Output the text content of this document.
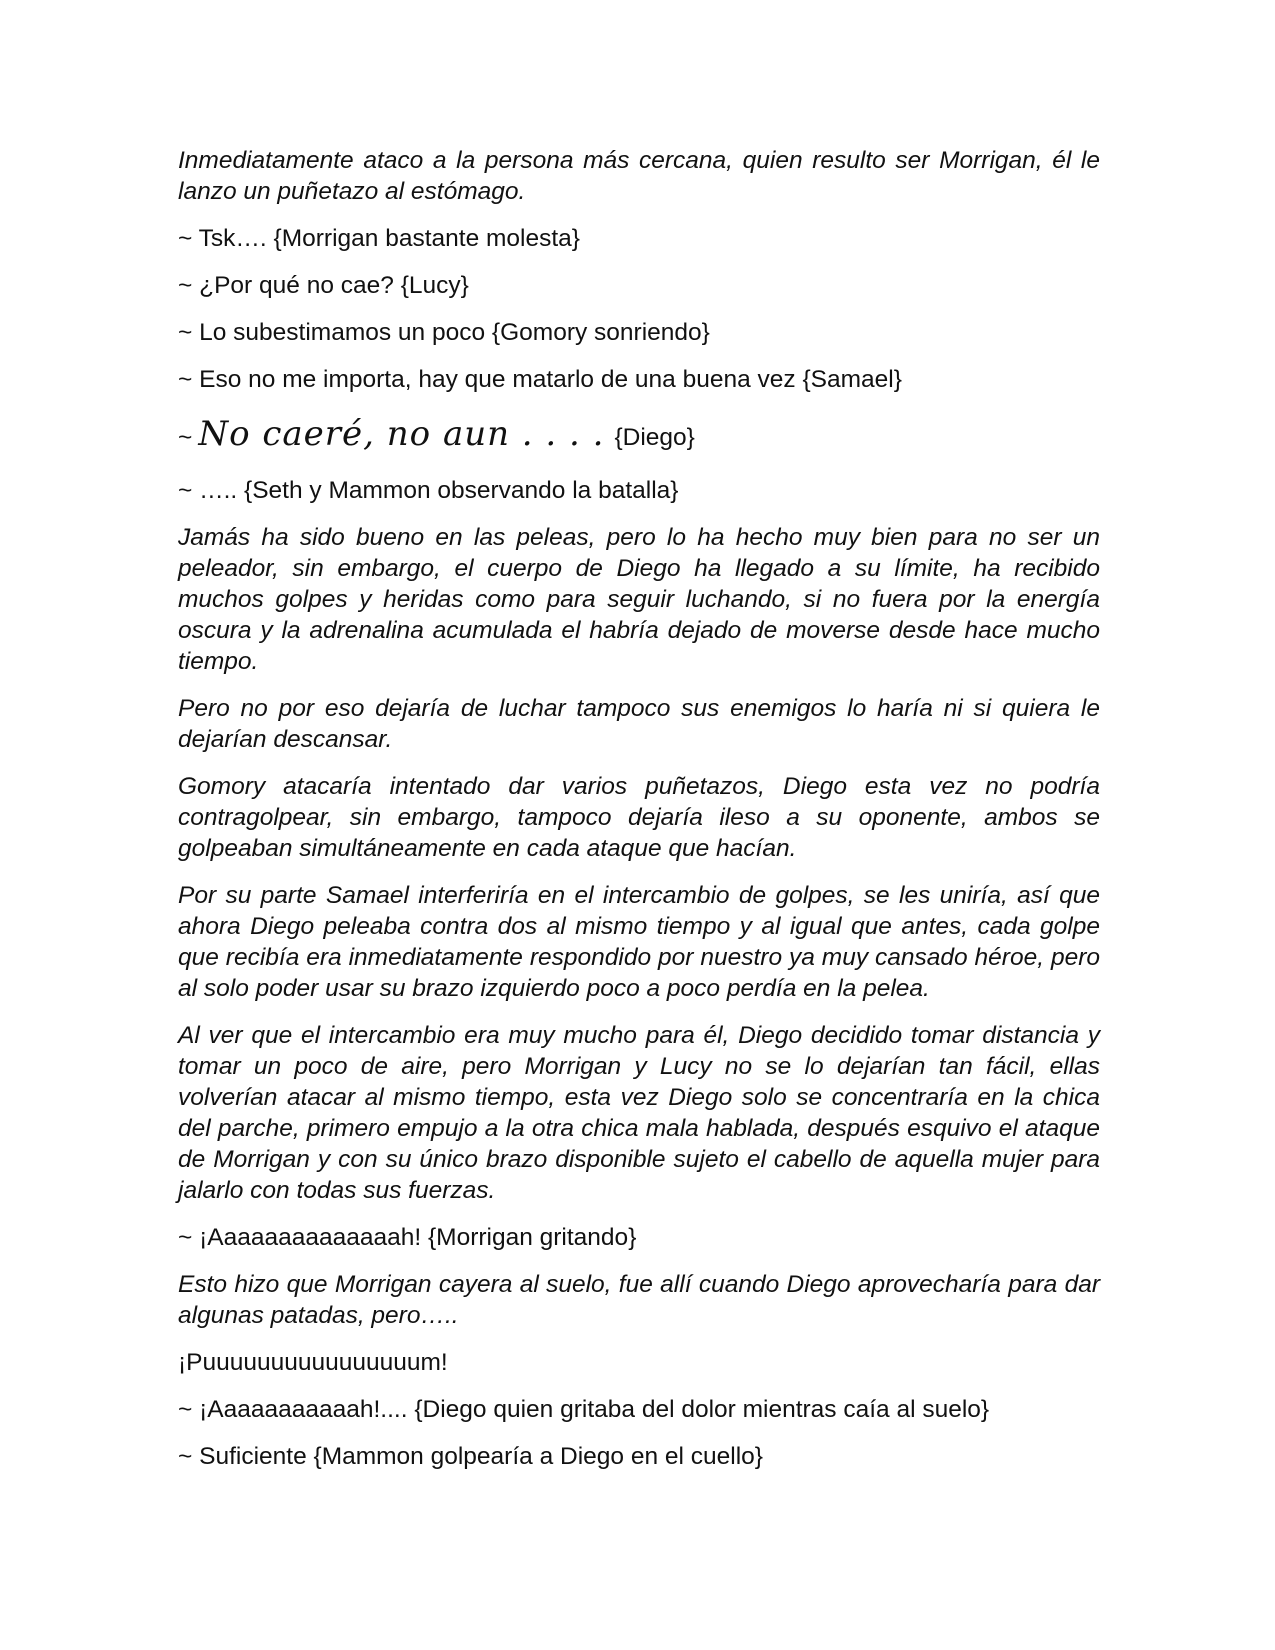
Inmediatamente ataco a la persona más cercana, quien resulto ser Morrigan, él le lanzo un puñetazo al estómago.

~ Tsk…. {Morrigan bastante molesta}

~ ¿Por qué no cae? {Lucy}

~ Lo subestimamos un poco {Gomory sonriendo}

~ Eso no me importa, hay que matarlo de una buena vez {Samael}

~ No caeré, no aun . . . . {Diego}

~ ….. {Seth y Mammon observando la batalla}

Jamás ha sido bueno en las peleas, pero lo ha hecho muy bien para no ser un peleador, sin embargo, el cuerpo de Diego ha llegado a su límite, ha recibido muchos golpes y heridas como para seguir luchando, si no fuera por la energía oscura y la adrenalina acumulada el habría dejado de moverse desde hace mucho tiempo.

Pero no por eso dejaría de luchar tampoco sus enemigos lo haría ni si quiera le dejarían descansar.

Gomory atacaría intentado dar varios puñetazos, Diego esta vez no podría contragolpear, sin embargo, tampoco dejaría ileso a su oponente, ambos se golpeaban simultáneamente en cada ataque que hacían.

Por su parte Samael interferiría en el intercambio de golpes, se les uniría, así que ahora Diego peleaba contra dos al mismo tiempo y al igual que antes, cada golpe que recibía era inmediatamente respondido por nuestro ya muy cansado héroe, pero al solo poder usar su brazo izquierdo poco a poco perdía en la pelea.

Al ver que el intercambio era muy mucho para él, Diego decidido tomar distancia y tomar un poco de aire, pero Morrigan y Lucy no se lo dejarían tan fácil, ellas volverían atacar al mismo tiempo, esta vez Diego solo se concentraría en la chica del parche, primero empujo a la otra chica mala hablada, después esquivo el ataque de Morrigan y con su único brazo disponible sujeto el cabello de aquella mujer para jalarlo con todas sus fuerzas.

~ ¡Aaaaaaaaaaaaaah! {Morrigan gritando}

Esto hizo que Morrigan cayera al suelo, fue allí cuando Diego aprovecharía para dar algunas patadas, pero…..

¡Puuuuuuuuuuuuuuuum!

~ ¡Aaaaaaaaaaah!.... {Diego quien gritaba del dolor mientras caía al suelo}

~ Suficiente {Mammon golpearía a Diego en el cuello}
